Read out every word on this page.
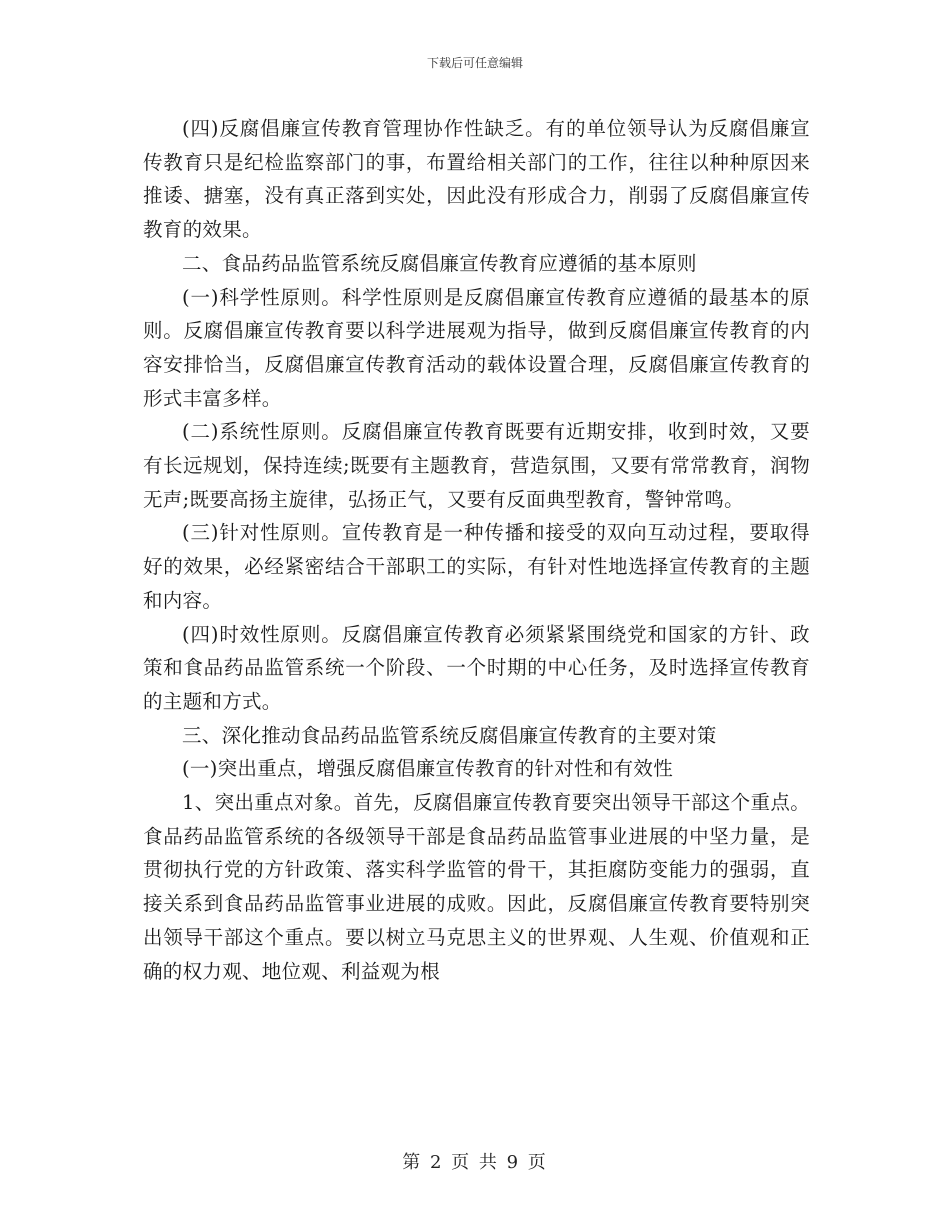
下载后可任意编辑

(四)反腐倡廉宣传教育管理协作性缺乏。有的单位领导认为反腐倡廉宣传教育只是纪检监察部门的事，布置给相关部门的工作，往往以种种原因来推诿、搪塞，没有真正落到实处，因此没有形成合力，削弱了反腐倡廉宣传教育的效果。

二、食品药品监管系统反腐倡廉宣传教育应遵循的基本原则

(一)科学性原则。科学性原则是反腐倡廉宣传教育应遵循的最基本的原则。反腐倡廉宣传教育要以科学进展观为指导，做到反腐倡廉宣传教育的内容安排恰当，反腐倡廉宣传教育活动的载体设置合理，反腐倡廉宣传教育的形式丰富多样。

(二)系统性原则。反腐倡廉宣传教育既要有近期安排，收到时效，又要有长远规划，保持连续;既要有主题教育，营造氛围，又要有常常教育，润物无声;既要高扬主旋律，弘扬正气，又要有反面典型教育，警钟常鸣。

(三)针对性原则。宣传教育是一种传播和接受的双向互动过程，要取得好的效果，必经紧密结合干部职工的实际，有针对性地选择宣传教育的主题和内容。

(四)时效性原则。反腐倡廉宣传教育必须紧紧围绕党和国家的方针、政策和食品药品监管系统一个阶段、一个时期的中心任务，及时选择宣传教育的主题和方式。

三、深化推动食品药品监管系统反腐倡廉宣传教育的主要对策

(一)突出重点，增强反腐倡廉宣传教育的针对性和有效性

1、突出重点对象。首先，反腐倡廉宣传教育要突出领导干部这个重点。食品药品监管系统的各级领导干部是食品药品监管事业进展的中坚力量，是贯彻执行党的方针政策、落实科学监管的骨干，其拒腐防变能力的强弱，直接关系到食品药品监管事业进展的成败。因此，反腐倡廉宣传教育要特别突出领导干部这个重点。要以树立马克思主义的世界观、人生观、价值观和正确的权力观、地位观、利益观为根

第 2 页 共 9 页
